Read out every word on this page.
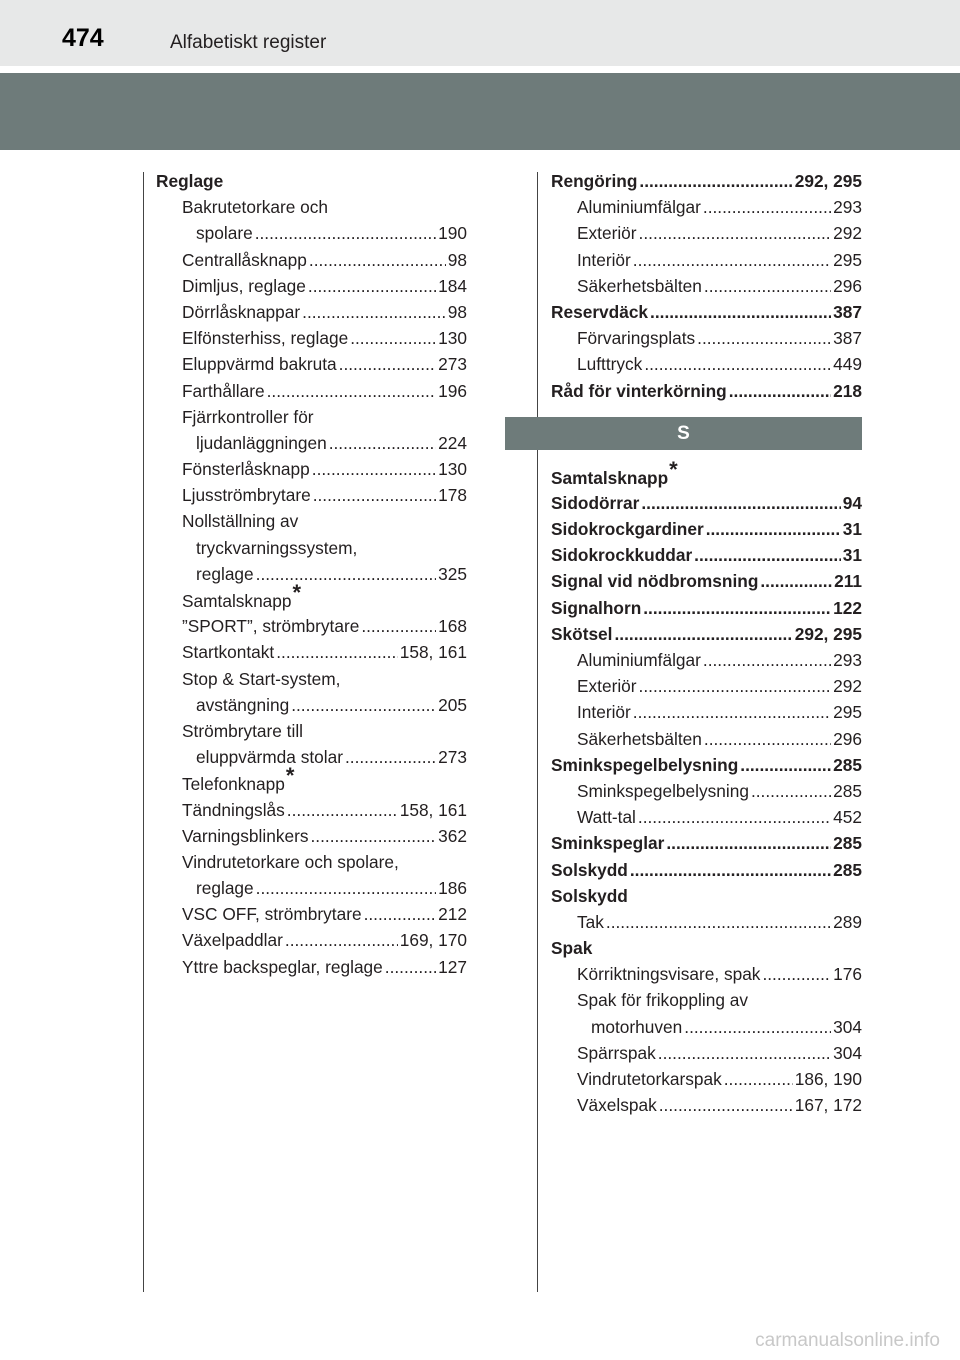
474	Alfabetiskt register
Reglage
Bakrutetorkare och
spolare .....	190
Centrallåsknapp .....	98
Dimljus, reglage .....	184
Dörrlåsknappar .....	98
Elfönsterhiss, reglage .....	130
Eluppvärmd bakruta .....	273
Farthållare .....	196
Fjärrkontroller för
ljudanläggningen .....	224
Fönsterlåsknapp .....	130
Ljusströmbrytare .....	178
Nollställning av
tryckvarningssystem,
reglage .....	325
Samtalsknapp *
”SPORT”, strömbrytare .....	168
Startkontakt .....	158, 161
Stop & Start-system,
avstängning .....	205
Strömbrytare till
eluppvärmda stolar .....	273
Telefonknapp *
Tändningslås .....	158, 161
Varningsblinkers .....	362
Vindrutetorkare och spolare,
reglage .....	186
VSC OFF, strömbrytare .....	212
Växelpaddlar .....	169, 170
Yttre backspeglar, reglage .....	127
Rengöring .....	292, 295
Aluminiumfälgar .....	293
Exteriör .....	292
Interiör .....	295
Säkerhetsbälten .....	296
Reservdäck .....	387
Förvaringsplats .....	387
Lufttryck .....	449
Råd för vinterkörning .....	218
S
Samtalsknapp *
Sidodörrar .....	94
Sidokrockgardiner .....	31
Sidokrockkuddar .....	31
Signal vid nödbromsning .....	211
Signalhorn .....	122
Skötsel .....	292, 295
Aluminiumfälgar .....	293
Exteriör .....	292
Interiör .....	295
Säkerhetsbälten .....	296
Sminkspegelbelysning .....	285
Sminkspegelbelysning .....	285
Watt-tal .....	452
Sminkspeglar .....	285
Solskydd .....	285
Solskydd
Tak .....	289
Spak
Körriktningsvisare, spak .....	176
Spak för frikoppling av
motorhuven .....	304
Spärrspak .....	304
Vindrutetorkarspak .....	186, 190
Växelspak .....	167, 172
carmanualsonline.info
